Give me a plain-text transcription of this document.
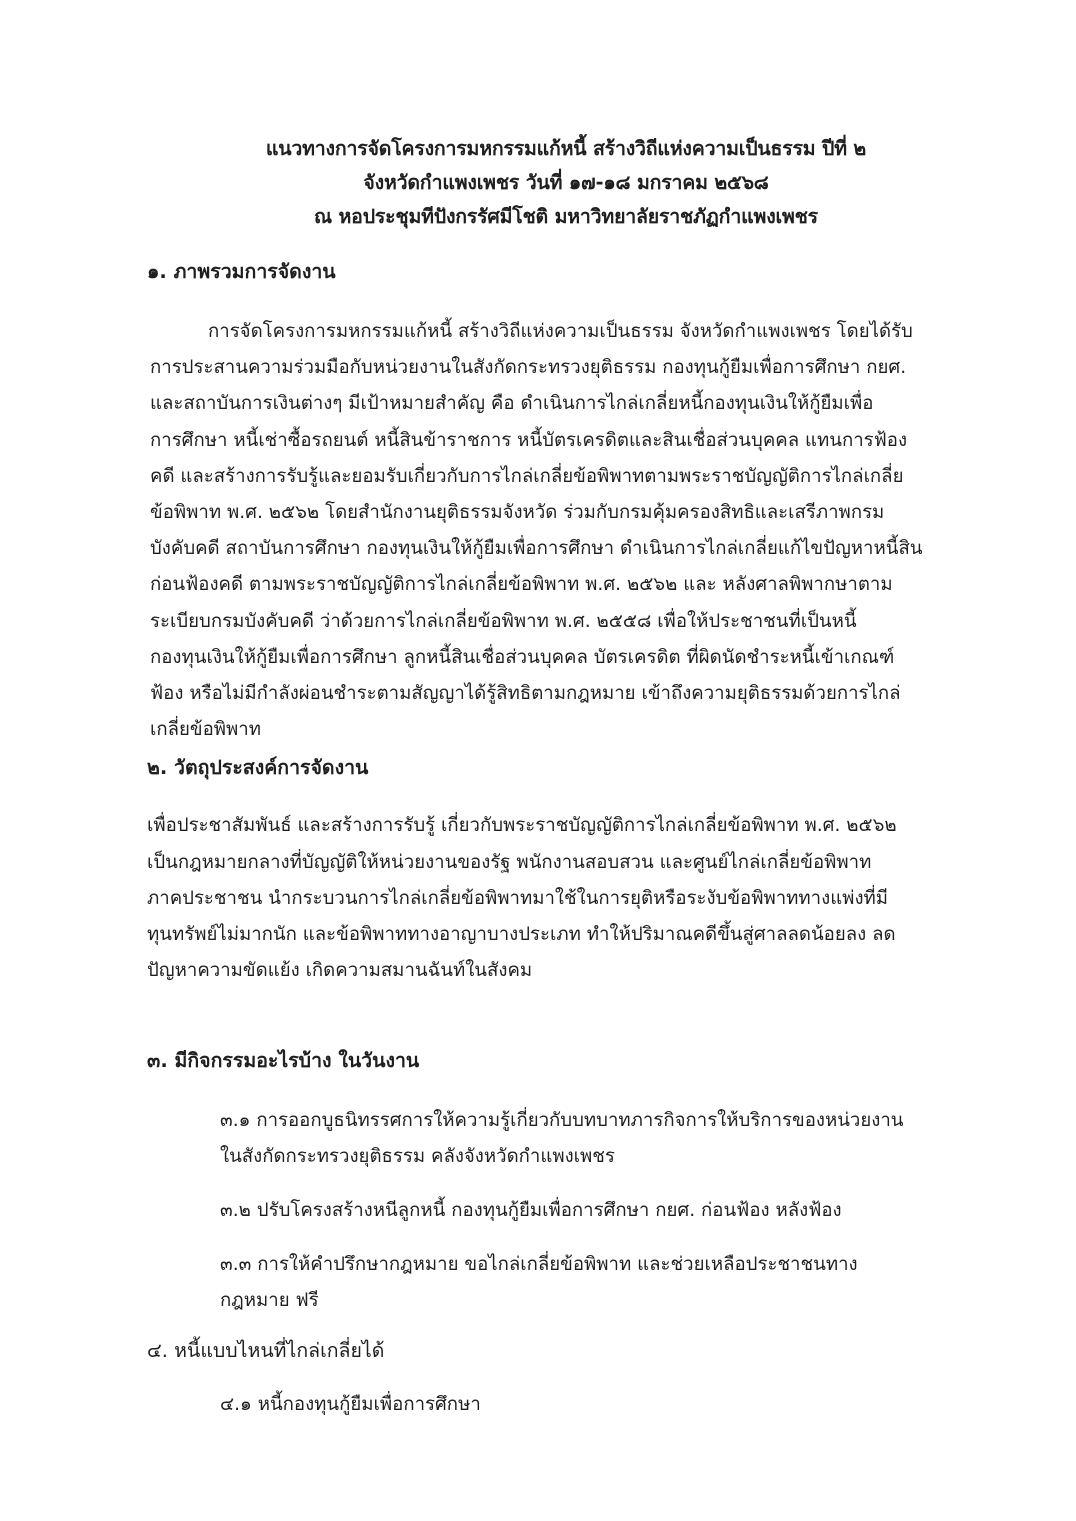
แนวทางการจัดโครงการมหกรรมแก้หนี้ สร้างวิถีแห่งความเป็นธรรม ปีที่ ๒
จังหวัดกำแพงเพชร วันที่ ๑๗-๑๘ มกราคม ๒๕๖๘
ณ หอประชุมทีปังกรรัศมีโชติ มหาวิทยาลัยราชภัฏกำแพงเพชร

๑. ภาพรวมการจัดงาน

การจัดโครงการมหกรรมแก้หนี้ สร้างวิถีแห่งความเป็นธรรม จังหวัดกำแพงเพชร โดยได้รับ
การประสานความร่วมมือกับหน่วยงานในสังกัดกระทรวงยุติธรรม กองทุนกู้ยืมเพื่อการศึกษา กยศ.
และสถาบันการเงินต่างๆ มีเป้าหมายสำคัญ คือ ดำเนินการไกล่เกลี่ยหนี้กองทุนเงินให้กู้ยืมเพื่อ
การศึกษา หนี้เช่าซื้อรถยนต์ หนี้สินข้าราชการ หนี้บัตรเครดิตและสินเชื่อส่วนบุคคล แทนการฟ้อง
คดี และสร้างการรับรู้และยอมรับเกี่ยวกับการไกล่เกลี่ยข้อพิพาทตามพระราชบัญญัติการไกล่เกลี่ย
ข้อพิพาท พ.ศ. ๒๕๖๒ โดยสำนักงานยุติธรรมจังหวัด ร่วมกับกรมคุ้มครองสิทธิและเสรีภาพกรม
บังคับคดี สถาบันการศึกษา กองทุนเงินให้กู้ยืมเพื่อการศึกษา ดำเนินการไกล่เกลี่ยแก้ไขปัญหาหนี้สิน
ก่อนฟ้องคดี ตามพระราชบัญญัติการไกล่เกลี่ยข้อพิพาท พ.ศ. ๒๕๖๒ และ หลังศาลพิพากษาตาม
ระเบียบกรมบังคับคดี ว่าด้วยการไกล่เกลี่ยข้อพิพาท พ.ศ. ๒๕๕๘ เพื่อให้ประชาชนที่เป็นหนี้
กองทุนเงินให้กู้ยืมเพื่อการศึกษา ลูกหนี้สินเชื่อส่วนบุคคล บัตรเครดิต ที่ผิดนัดชำระหนี้เข้าเกณฑ์
ฟ้อง หรือไม่มีกำลังผ่อนชำระตามสัญญาได้รู้สิทธิตามกฎหมาย เข้าถึงความยุติธรรมด้วยการไกล่
เกลี่ยข้อพิพาท

๒. วัตถุประสงค์การจัดงาน

เพื่อประชาสัมพันธ์ และสร้างการรับรู้ เกี่ยวกับพระราชบัญญัติการไกล่เกลี่ยข้อพิพาท พ.ศ. ๒๕๖๒
เป็นกฎหมายกลางที่บัญญัติให้หน่วยงานของรัฐ พนักงานสอบสวน และศูนย์ไกล่เกลี่ยข้อพิพาท
ภาคประชาชน นำกระบวนการไกล่เกลี่ยข้อพิพาทมาใช้ในการยุติหรือระงับข้อพิพาททางแพ่งที่มี
ทุนทรัพย์ไม่มากนัก และข้อพิพาททางอาญาบางประเภท ทำให้ปริมาณคดีขึ้นสู่ศาลลดน้อยลง ลด
ปัญหาความขัดแย้ง เกิดความสมานฉันท์ในสังคม

๓. มีกิจกรรมอะไรบ้าง ในวันงาน

๓.๑ การออกบูธนิทรรศการให้ความรู้เกี่ยวกับบทบาทภารกิจการให้บริการของหน่วยงาน
ในสังกัดกระทรวงยุติธรรม คลังจังหวัดกำแพงเพชร
๓.๒ ปรับโครงสร้างหนีลูกหนี้ กองทุนกู้ยืมเพื่อการศึกษา กยศ. ก่อนฟ้อง หลังฟ้อง
๓.๓ การให้คำปรึกษากฎหมาย ขอไกล่เกลี่ยข้อพิพาท และช่วยเหลือประชาชนทาง
กฎหมาย ฟรี

๔. หนี้แบบไหนที่ไกล่เกลี่ยได้

๔.๑ หนี้กองทุนกู้ยืมเพื่อการศึกษา
